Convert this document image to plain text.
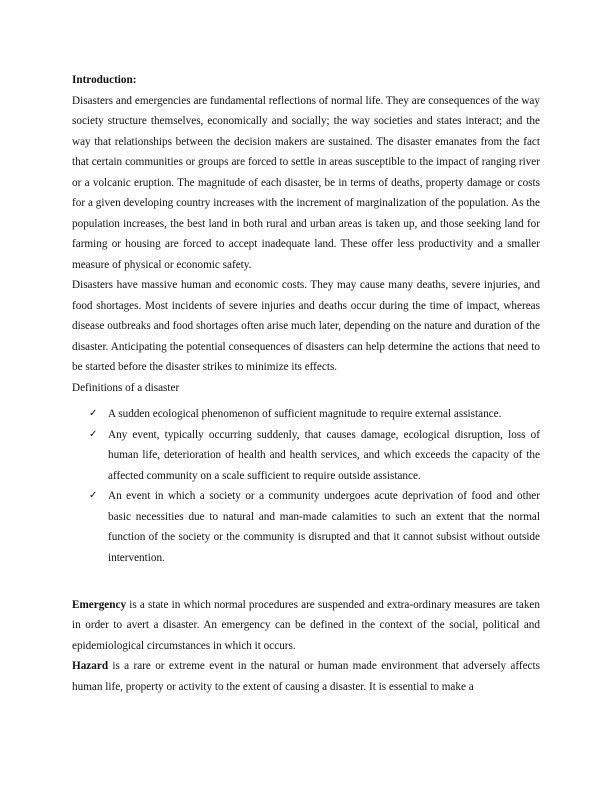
Introduction:

Disasters and emergencies are fundamental reflections of normal life. They are consequences of the way society structure themselves, economically and socially; the way societies and states interact; and the way that relationships between the decision makers are sustained. The disaster emanates from the fact that certain communities or groups are forced to settle in areas susceptible to the impact of ranging river or a volcanic eruption. The magnitude of each disaster, be in terms of deaths, property damage or costs for a given developing country increases with the increment of marginalization of the population. As the population increases, the best land in both rural and urban areas is taken up, and those seeking land for farming or housing are forced to accept inadequate land. These offer less productivity and a smaller measure of physical or economic safety.

Disasters have massive human and economic costs. They may cause many deaths, severe injuries, and food shortages. Most incidents of severe injuries and deaths occur during the time of impact, whereas disease outbreaks and food shortages often arise much later, depending on the nature and duration of the disaster. Anticipating the potential consequences of disasters can help determine the actions that need to be started before the disaster strikes to minimize its effects.

Definitions of a disaster
✓ A sudden ecological phenomenon of sufficient magnitude to require external assistance.
✓ Any event, typically occurring suddenly, that causes damage, ecological disruption, loss of human life, deterioration of health and health services, and which exceeds the capacity of the affected community on a scale sufficient to require outside assistance.
✓ An event in which a society or a community undergoes acute deprivation of food and other basic necessities due to natural and man-made calamities to such an extent that the normal function of the society or the community is disrupted and that it cannot subsist without outside intervention.

Emergency is a state in which normal procedures are suspended and extra-ordinary measures are taken in order to avert a disaster. An emergency can be defined in the context of the social, political and epidemiological circumstances in which it occurs.

Hazard is a rare or extreme event in the natural or human made environment that adversely affects human life, property or activity to the extent of causing a disaster. It is essential to make a
